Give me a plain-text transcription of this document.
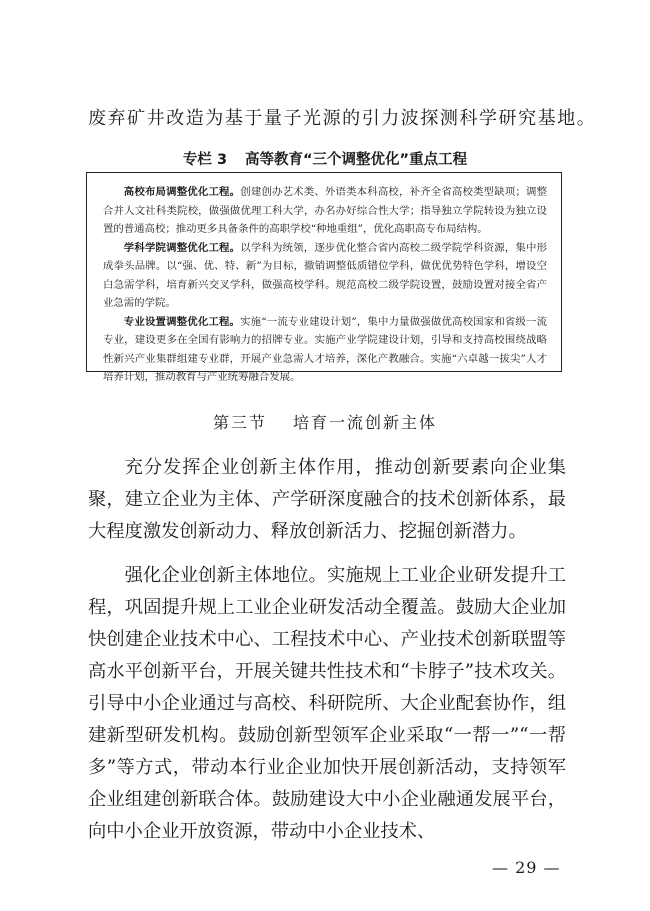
废弃矿井改造为基于量子光源的引力波探测科学研究基地。
专栏 3 高等教育“三个调整优化”重点工程

高校布局调整优化工程。创建创办艺术类、外语类本科高校，补齐全省高校类型缺项；调整合并人文社科类院校，做强做优理工科大学，办名办好综合性大学；指导独立学院转设为独立设置的普通高校；推动更多具备条件的高职学校“种地重组”，优化高职高专布局结构。

学科学院调整优化工程。以学科为统领，逐步优化整合省内高校二级学院学科资源，集中形成拳头品牌。以“强、优、特、新”为目标，撤销调整低质错位学科，做优优势特色学科，增设空白急需学科，培育新兴交叉学科，做强高校学科。规范高校二级学院设置，鼓励设置对接全省产业急需的学院。

专业设置调整优化工程。实施“一流专业建设计划”，集中力量做强做优高校国家和省级一流专业，建设更多在全国有影响力的招牌专业。实施产业学院建设计划，引导和支持高校围绕战略性新兴产业集群组建专业群，开展产业急需人才培养，深化产教融合。实施“六卓越一拔尖”人才培养计划，推动教育与产业统筹融合发展。

第三节 培育一流创新主体

充分发挥企业创新主体作用，推动创新要素向企业集聚，建立企业为主体、产学研深度融合的技术创新体系，最大程度激发创新动力、释放创新活力、挖掘创新潜力。

强化企业创新主体地位。实施规上工业企业研发提升工程，巩固提升规上工业企业研发活动全覆盖。鼓励大企业加快创建企业技术中心、工程技术中心、产业技术创新联盟等高水平创新平台，开展关键共性技术和“卡脖子”技术攻关。引导中小企业通过与高校、科研院所、大企业配套协作，组建新型研发机构。鼓励创新型领军企业采取“一帮一”“一帮多”等方式，带动本行业企业加快开展创新活动，支持领军企业组建创新联合体。鼓励建设大中小企业融通发展平台，向中小企业开放资源，带动中小企业技术、

— 29 —
